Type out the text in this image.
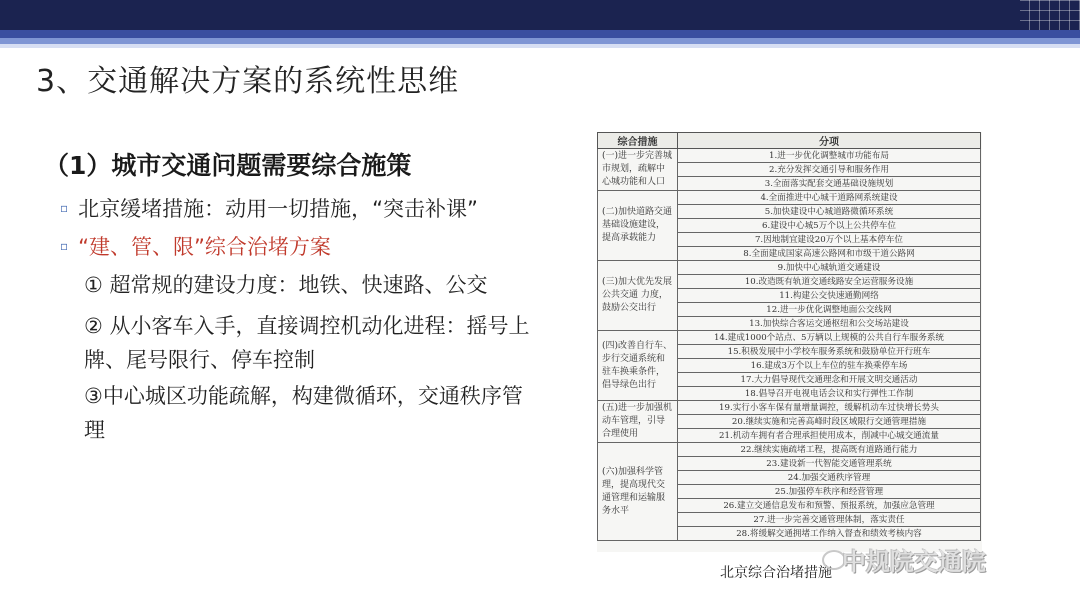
3、交通解决方案的系统性思维
（1）城市交通问题需要综合施策
▫ 北京缓堵措施：动用一切措施，“突击补课”
▫ “建、管、限”综合治堵方案
① 超常规的建设力度：地铁、快速路、公交
② 从小客车入手，直接调控机动化进程：摇号上牌、尾号限行、停车控制
③中心城区功能疏解，构建微循环，交通秩序管理
综合措施	分项
(一)进一步完善城市规划，疏解中心城功能和人口	1.进一步优化调整城市功能布局
	2.充分发挥交通引导和服务作用
	3.全面落实配套交通基础设施规划
(二)加快道路交通基础设施建设，提高承载能力	4.全面推进中心城干道路网系统建设
	5.加快建设中心城道路微循环系统
	6.建设中心城5万个以上公共停车位
	7.因地制宜建设20万个以上基本停车位
	8.全面建成国家高速公路网和市级干道公路网
(三)加大优先发展公共交通 力度，鼓励公交出行	9.加快中心城轨道交通建设
	10.改造既有轨道交通线路安全运营服务设施
	11.构建公交快速通勤网络
	12.进一步优化调整地面公交线网
	13.加快综合客运交通枢纽和公交场站建设
(四)改善自行车、步行交通系统和驻车换乘条件，倡导绿色出行	14.建成1000个站点、5万辆以上规模的公共自行车服务系统
	15.积极发展中小学校车服务系统和鼓励单位开行班车
	16.建成3万个以上车位的驻车换乘停车场
	17.大力倡导现代交通理念和开展文明交通活动
	18.倡导召开电视电话会议和实行弹性工作制
(五)进一步加强机动车管理，引导合理使用	19.实行小客车保有量增量调控，缓解机动车过快增长势头
	20.继续实施和完善高峰时段区域限行交通管理措施
	21.机动车拥有者合理承担使用成本，削减中心城交通流量
(六)加强科学管理，提高现代交通管理和运输服务水平	22.继续实施疏堵工程，提高既有道路通行能力
	23.建设新一代智能交通管理系统
	24.加强交通秩序管理
	25.加强停车秩序和经营管理
	26.建立交通信息发布和预警、预报系统，加强应急管理
	27.进一步完善交通管理体制，落实责任
	28.将缓解交通拥堵工作纳入督查和绩效考核内容
北京综合治堵措施 中规院交通院
